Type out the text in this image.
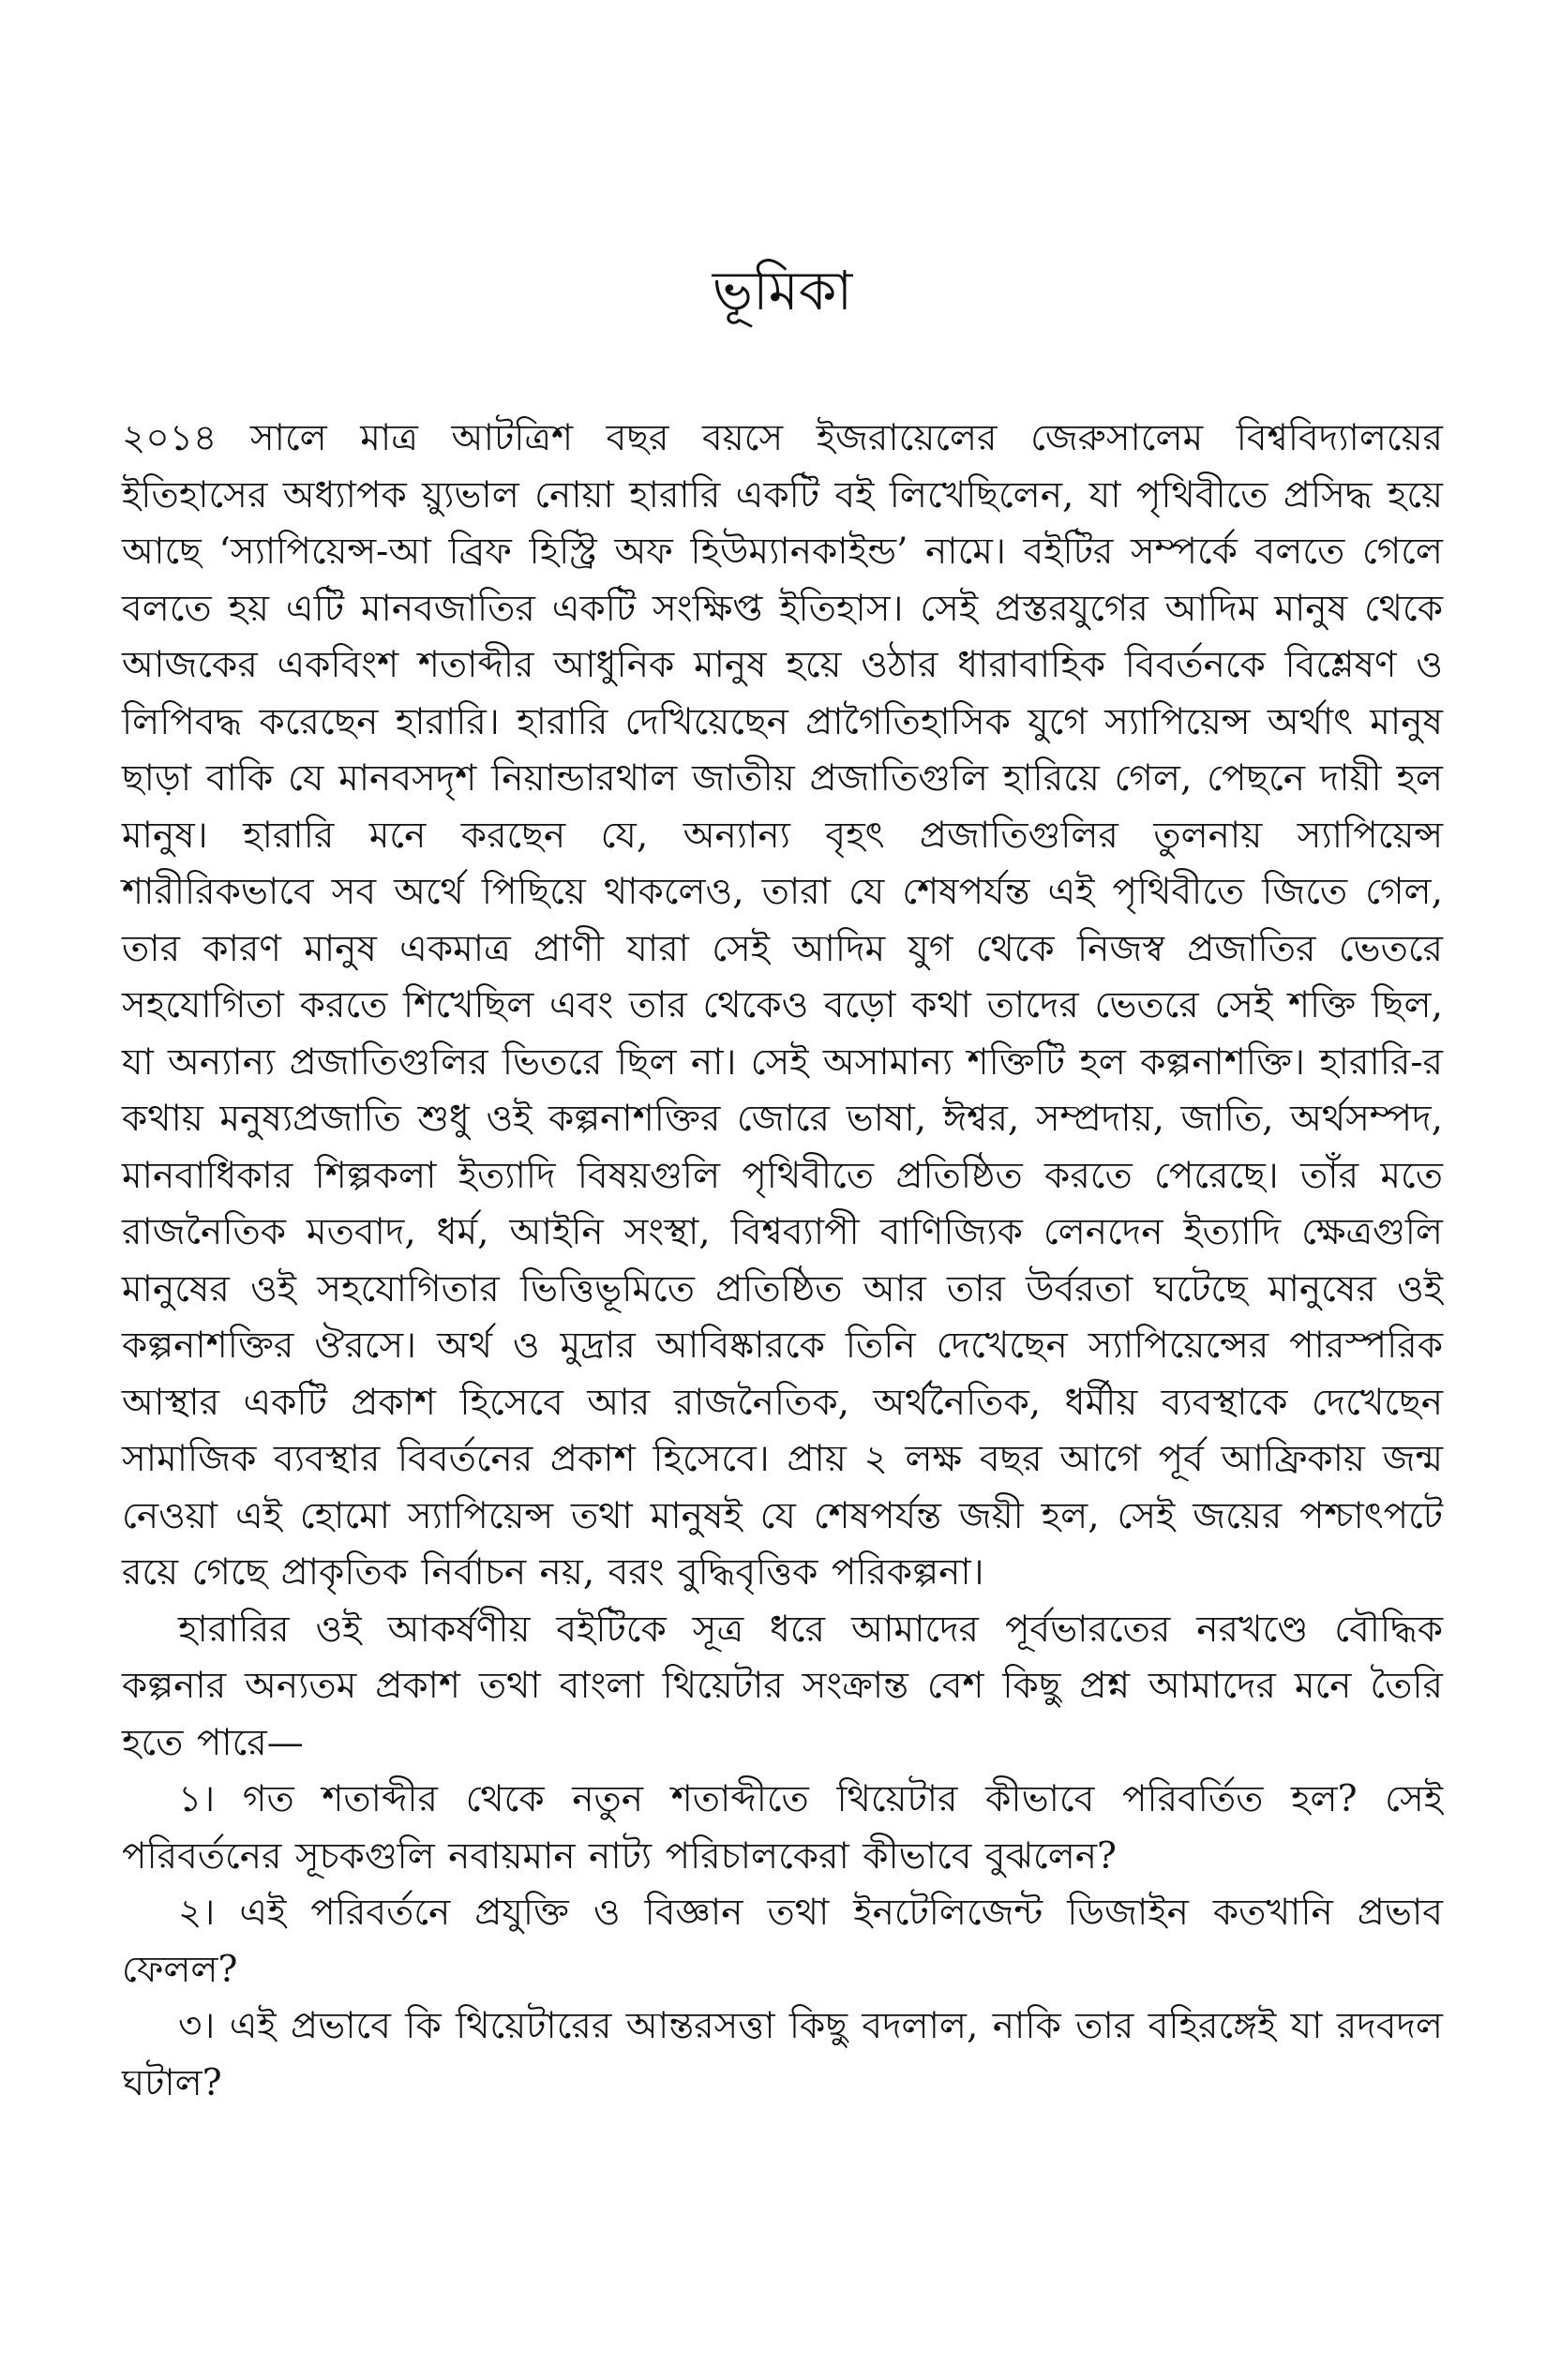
ভূমিকা

২০১৪ সালে মাত্র আটত্রিশ বছর বয়সে ইজরায়েলের জেরুসালেম বিশ্ববিদ্যালয়ের ইতিহাসের অধ্যাপক য়্যুভাল নোয়া হারারি একটি বই লিখেছিলেন, যা পৃথিবীতে প্রসিদ্ধ হয়ে আছে ‘স্যাপিয়েন্স-আ ব্রিফ হিস্ট্রি অফ হিউম্যানকাইন্ড’ নামে। বইটির সম্পর্কে বলতে গেলে বলতে হয় এটি মানবজাতির একটি সংক্ষিপ্ত ইতিহাস। সেই প্রস্তরযুগের আদিম মানুষ থেকে আজকের একবিংশ শতাব্দীর আধুনিক মানুষ হয়ে ওঠার ধারাবাহিক বিবর্তনকে বিশ্লেষণ ও লিপিবদ্ধ করেছেন হারারি। হারারি দেখিয়েছেন প্রাগৈতিহাসিক যুগে স্যাপিয়েন্স অর্থাৎ মানুষ ছাড়া বাকি যে মানবসদৃশ নিয়ান্ডারথাল জাতীয় প্রজাতিগুলি হারিয়ে গেল, পেছনে দায়ী হল মানুষ। হারারি মনে করছেন যে, অন্যান্য বৃহৎ প্রজাতিগুলির তুলনায় স্যাপিয়েন্স শারীরিকভাবে সব অর্থে পিছিয়ে থাকলেও, তারা যে শেষপর্যন্ত এই পৃথিবীতে জিতে গেল, তার কারণ মানুষ একমাত্র প্রাণী যারা সেই আদিম যুগ থেকে নিজস্ব প্রজাতির ভেতরে সহযোগিতা করতে শিখেছিল এবং তার থেকেও বড়ো কথা তাদের ভেতরে সেই শক্তি ছিল, যা অন্যান্য প্রজাতিগুলির ভিতরে ছিল না। সেই অসামান্য শক্তিটি হল কল্পনাশক্তি। হারারি-র কথায় মনুষ্যপ্রজাতি শুধু ওই কল্পনাশক্তির জোরে ভাষা, ঈশ্বর, সম্প্রদায়, জাতি, অর্থসম্পদ, মানবাধিকার শিল্পকলা ইত্যাদি বিষয়গুলি পৃথিবীতে প্রতিষ্ঠিত করতে পেরেছে। তাঁর মতে রাজনৈতিক মতবাদ, ধর্ম, আইনি সংস্থা, বিশ্বব্যাপী বাণিজ্যিক লেনদেন ইত্যাদি ক্ষেত্রগুলি মানুষের ওই সহযোগিতার ভিত্তিভূমিতে প্রতিষ্ঠিত আর তার উর্বরতা ঘটেছে মানুষের ওই কল্পনাশক্তির ঔরসে। অর্থ ও মুদ্রার আবিষ্কারকে তিনি দেখেছেন স্যাপিয়েন্সের পারস্পরিক আস্থার একটি প্রকাশ হিসেবে আর রাজনৈতিক, অর্থনৈতিক, ধর্মীয় ব্যবস্থাকে দেখেছেন সামাজিক ব্যবস্থার বিবর্তনের প্রকাশ হিসেবে। প্রায় ২ লক্ষ বছর আগে পূর্ব আফ্রিকায় জন্ম নেওয়া এই হোমো স্যাপিয়েন্স তথা মানুষই যে শেষপর্যন্ত জয়ী হল, সেই জয়ের পশ্চাৎপটে রয়ে গেছে প্রাকৃতিক নির্বাচন নয়, বরং বুদ্ধিবৃত্তিক পরিকল্পনা।

হারারির ওই আকর্ষণীয় বইটিকে সূত্র ধরে আমাদের পূর্বভারতের নরখণ্ডে বৌদ্ধিক কল্পনার অন্যতম প্রকাশ তথা বাংলা থিয়েটার সংক্রান্ত বেশ কিছু প্রশ্ন আমাদের মনে তৈরি হতে পারে—

১। গত শতাব্দীর থেকে নতুন শতাব্দীতে থিয়েটার কীভাবে পরিবর্তিত হল? সেই পরিবর্তনের সূচকগুলি নবায়মান নাট্য পরিচালকেরা কীভাবে বুঝলেন?

২। এই পরিবর্তনে প্রযুক্তি ও বিজ্ঞান তথা ইনটেলিজেন্ট ডিজাইন কতখানি প্রভাব ফেলল?

৩। এই প্রভাবে কি থিয়েটারের আন্তরসত্তা কিছু বদলাল, নাকি তার বহিরঙ্গেই যা রদবদল ঘটাল?
